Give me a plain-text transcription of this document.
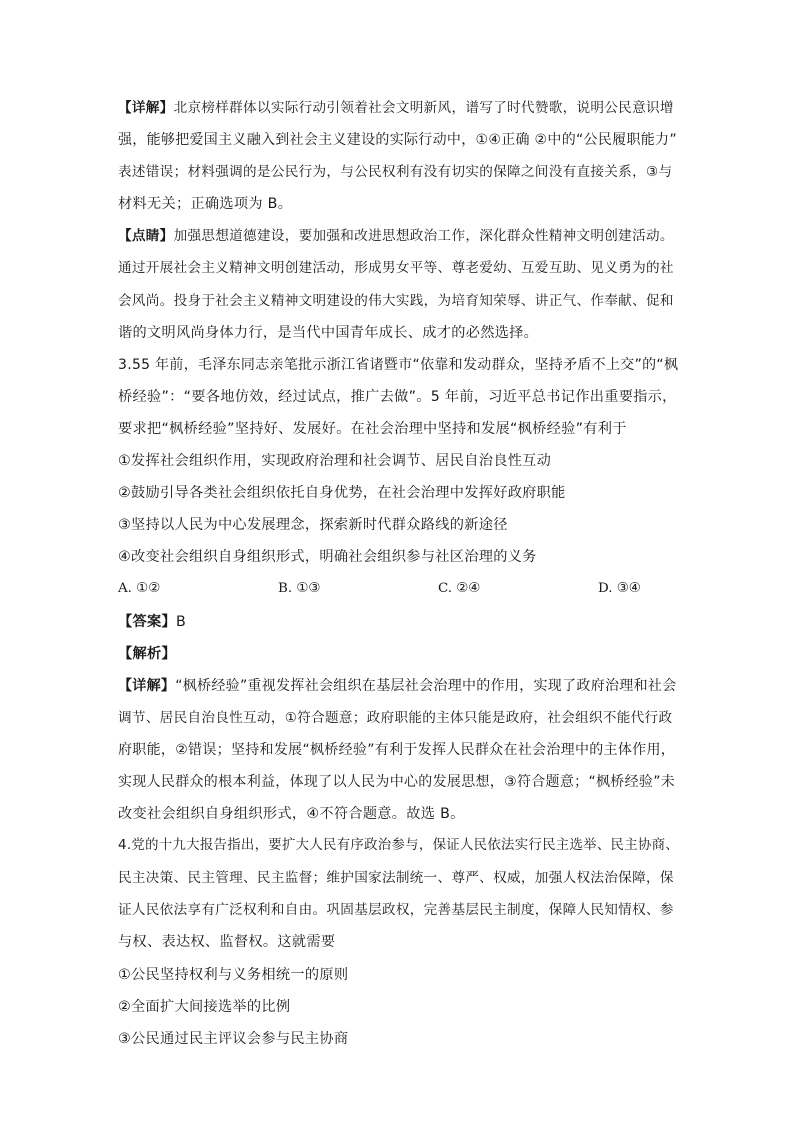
【详解】北京榜样群体以实际行动引领着社会文明新风，谱写了时代赞歌，说明公民意识增
强，能够把爱国主义融入到社会主义建设的实际行动中，①④正确 ②中的“公民履职能力”
表述错误；材料强调的是公民行为，与公民权利有没有切实的保障之间没有直接关系，③与
材料无关；正确选项为 B。
【点睛】加强思想道德建设，要加强和改进思想政治工作，深化群众性精神文明创建活动。
通过开展社会主义精神文明创建活动，形成男女平等、尊老爱幼、互爱互助、见义勇为的社
会风尚。投身于社会主义精神文明建设的伟大实践，为培育知荣辱、讲正气、作奉献、促和
谐的文明风尚身体力行，是当代中国青年成长、成才的必然选择。
3.55 年前，毛泽东同志亲笔批示浙江省诸暨市“依靠和发动群众，坚持矛盾不上交”的“枫
桥经验”：“要各地仿效，经过试点，推广去做”。5 年前，习近平总书记作出重要指示，
要求把“枫桥经验”坚持好、发展好。在社会治理中坚持和发展“枫桥经验”有利于
①发挥社会组织作用，实现政府治理和社会调节、居民自治良性互动
②鼓励引导各类社会组织依托自身优势，在社会治理中发挥好政府职能
③坚持以人民为中心发展理念，探索新时代群众路线的新途径
④改变社会组织自身组织形式，明确社会组织参与社区治理的义务
A. ①②	B. ①③	C. ②④	D. ③④
【答案】B
【解析】
【详解】“枫桥经验”重视发挥社会组织在基层社会治理中的作用，实现了政府治理和社会
调节、居民自治良性互动，①符合题意；政府职能的主体只能是政府，社会组织不能代行政
府职能，②错误；坚持和发展“枫桥经验”有利于发挥人民群众在社会治理中的主体作用，
实现人民群众的根本利益，体现了以人民为中心的发展思想，③符合题意；“枫桥经验”未
改变社会组织自身组织形式，④不符合题意。故选 B。
4.党的十九大报告指出，要扩大人民有序政治参与，保证人民依法实行民主选举、民主协商、
民主决策、民主管理、民主监督；维护国家法制统一、尊严、权威，加强人权法治保障，保
证人民依法享有广泛权利和自由。巩固基层政权，完善基层民主制度，保障人民知情权、参
与权、表达权、监督权。这就需要
①公民坚持权利与义务相统一的原则
②全面扩大间接选举的比例
③公民通过民主评议会参与民主协商
